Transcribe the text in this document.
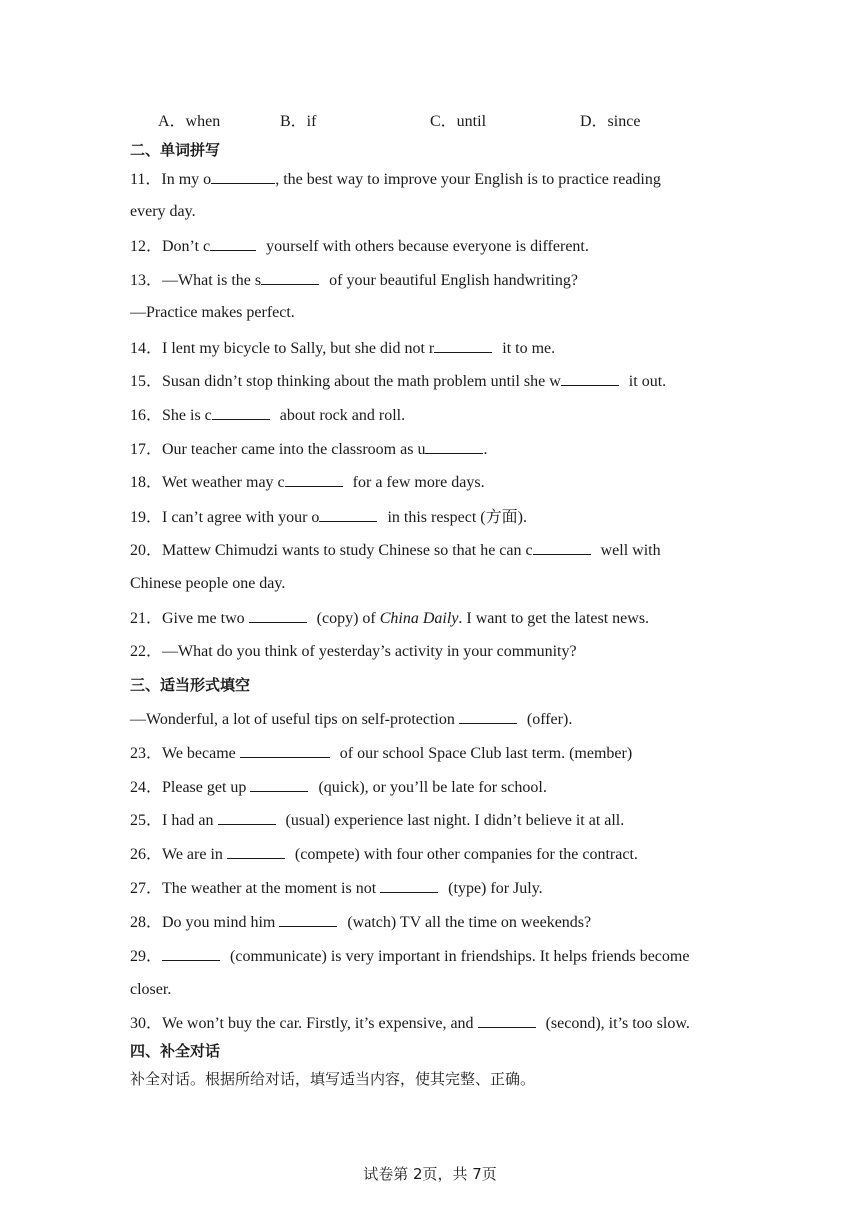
A．when	B．if	C．until	D．since
二、单词拼写
11．In my o	, the best way to improve your English is to practice reading
every day.
12．Don’t c	yourself with others because everyone is different.
13．—What is the s	of your beautiful English handwriting?
—Practice makes perfect.
14．I lent my bicycle to Sally, but she did not r	it to me.
15．Susan didn’t stop thinking about the math problem until she w	it out.
16．She is c	about rock and roll.
17．Our teacher came into the classroom as u	.
18．Wet weather may c	for a few more days.
19．I can’t agree with your o	in this respect (方面).
20．Mattew Chimudzi wants to study Chinese so that he can c	well with
Chinese people one day.
21．Give me two	(copy) of China Daily. I want to get the latest news.
22．—What do you think of yesterday’s activity in your community?
三、适当形式填空
—Wonderful, a lot of useful tips on self-protection	(offer).
23．We became	of our school Space Club last term. (member)
24．Please get up	(quick), or you’ll be late for school.
25．I had an	(usual) experience last night. I didn’t believe it at all.
26．We are in	(compete) with four other companies for the contract.
27．The weather at the moment is not	(type) for July.
28．Do you mind him	(watch) TV all the time on weekends?
29．	(communicate) is very important in friendships. It helps friends become
closer.
30．We won’t buy the car. Firstly, it’s expensive, and	(second), it’s too slow.
四、补全对话
补全对话。根据所给对话，填写适当内容，使其完整、正确。
试卷第 2页，共 7页
